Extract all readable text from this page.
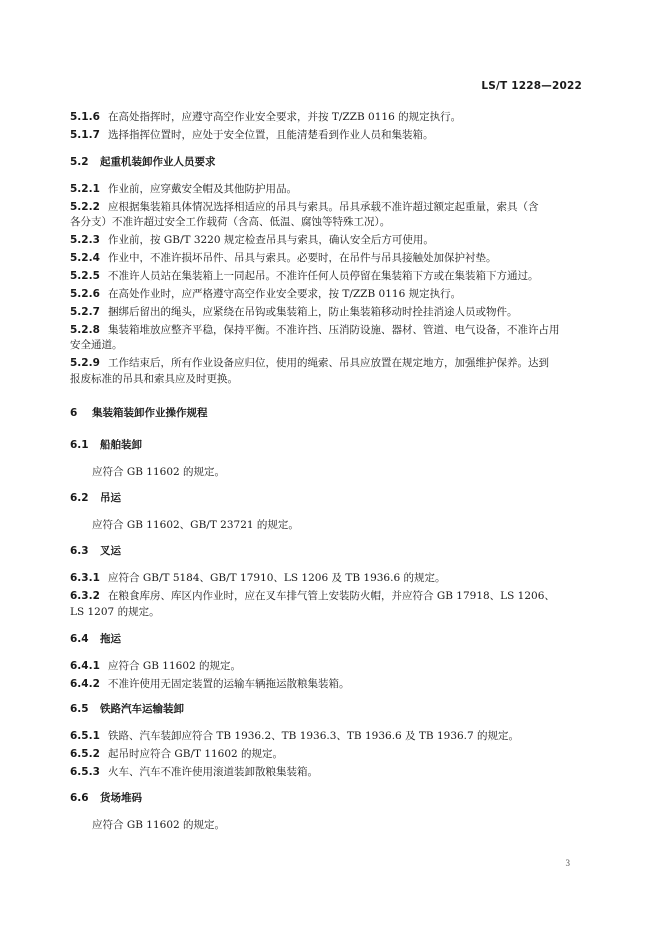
LS/T 1228—2022
5.1.6 在高处指挥时，应遵守高空作业安全要求，并按 T/ZZB 0116 的规定执行。
5.1.7 选择指挥位置时，应处于安全位置，且能清楚看到作业人员和集装箱。
5.2 起重机装卸作业人员要求
5.2.1 作业前，应穿戴安全帽及其他防护用品。
5.2.2 应根据集装箱具体情况选择相适应的吊具与索具。吊具承载不准许超过额定起重量，索具（含
各分支）不准许超过安全工作载荷（含高、低温、腐蚀等特殊工况）。
5.2.3 作业前，按 GB/T 3220 规定检查吊具与索具，确认安全后方可使用。
5.2.4 作业中，不准许损坏吊件、吊具与索具。必要时，在吊件与吊具接触处加保护衬垫。
5.2.5 不准许人员站在集装箱上一同起吊。不准许任何人员停留在集装箱下方或在集装箱下方通过。
5.2.6 在高处作业时，应严格遵守高空作业安全要求，按 T/ZZB 0116 规定执行。
5.2.7 捆绑后留出的绳头，应紧绕在吊钩或集装箱上，防止集装箱移动时拴挂消途人员或物件。
5.2.8 集装箱堆放应整齐平稳，保持平衡。不准许挡、压消防设施、器材、管道、电气设备，不准许占用
安全通道。
5.2.9 工作结束后，所有作业设备应归位，使用的绳索、吊具应放置在规定地方，加强维护保养。达到
报废标准的吊具和索具应及时更换。
6 集装箱装卸作业操作规程
6.1 船舶装卸
应符合 GB 11602 的规定。
6.2 吊运
应符合 GB 11602、GB/T 23721 的规定。
6.3 叉运
6.3.1 应符合 GB/T 5184、GB/T 17910、LS 1206 及 TB 1936.6 的规定。
6.3.2 在粮食库房、库区内作业时，应在叉车排气管上安装防火帽，并应符合 GB 17918、LS 1206、
LS 1207 的规定。
6.4 拖运
6.4.1 应符合 GB 11602 的规定。
6.4.2 不准许使用无固定装置的运输车辆拖运散粮集装箱。
6.5 铁路汽车运输装卸
6.5.1 铁路、汽车装卸应符合 TB 1936.2、TB 1936.3、TB 1936.6 及 TB 1936.7 的规定。
6.5.2 起吊时应符合 GB/T 11602 的规定。
6.5.3 火车、汽车不准许使用滚道装卸散粮集装箱。
6.6 货场堆码
应符合 GB 11602 的规定。
3
